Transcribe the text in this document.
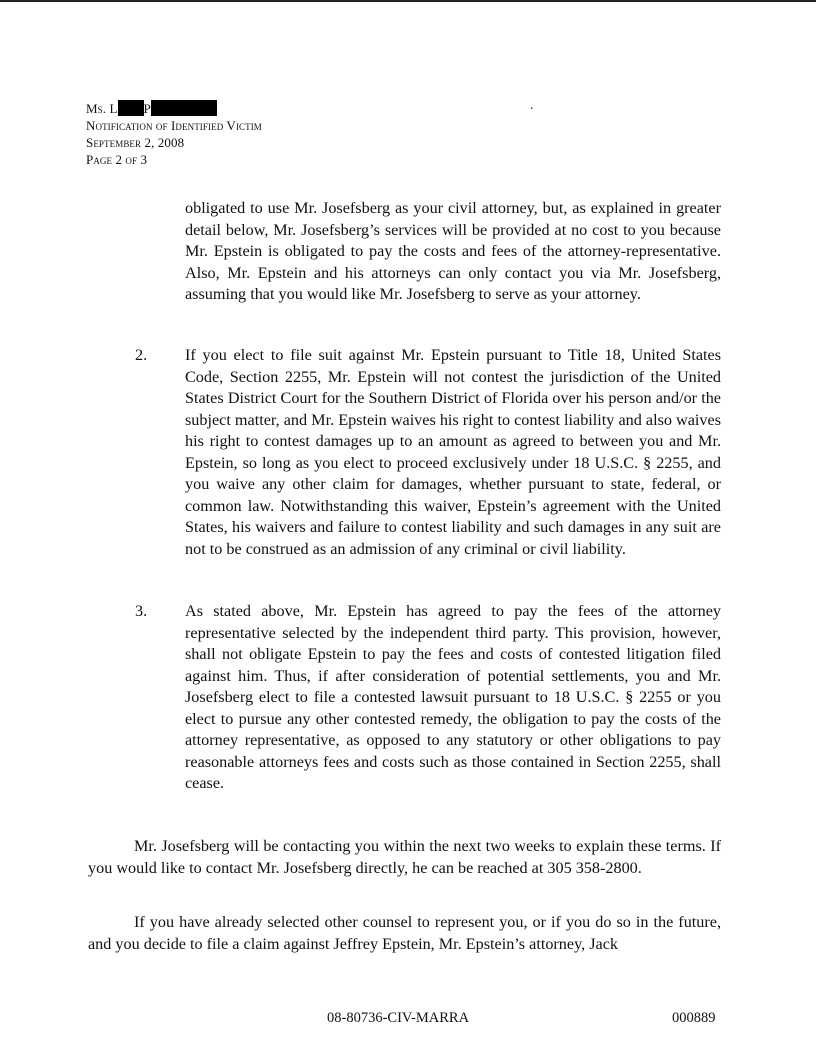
Ms. L P
Notification of Identified Victim
September 2, 2008
Page 2 of 3
.
obligated to use Mr. Josefsberg as your civil attorney, but, as explained in greater detail below, Mr. Josefsberg’s services will be provided at no cost to you because Mr. Epstein is obligated to pay the costs and fees of the attorney-representative. Also, Mr. Epstein and his attorneys can only contact you via Mr. Josefsberg, assuming that you would like Mr. Josefsberg to serve as your attorney.
2. If you elect to file suit against Mr. Epstein pursuant to Title 18, United States Code, Section 2255, Mr. Epstein will not contest the jurisdiction of the United States District Court for the Southern District of Florida over his person and/or the subject matter, and Mr. Epstein waives his right to contest liability and also waives his right to contest damages up to an amount as agreed to between you and Mr. Epstein, so long as you elect to proceed exclusively under 18 U.S.C. § 2255, and you waive any other claim for damages, whether pursuant to state, federal, or common law. Notwithstanding this waiver, Epstein’s agreement with the United States, his waivers and failure to contest liability and such damages in any suit are not to be construed as an admission of any criminal or civil liability.
3. As stated above, Mr. Epstein has agreed to pay the fees of the attorney representative selected by the independent third party. This provision, however, shall not obligate Epstein to pay the fees and costs of contested litigation filed against him. Thus, if after consideration of potential settlements, you and Mr. Josefsberg elect to file a contested lawsuit pursuant to 18 U.S.C. § 2255 or you elect to pursue any other contested remedy, the obligation to pay the costs of the attorney representative, as opposed to any statutory or other obligations to pay reasonable attorneys fees and costs such as those contained in Section 2255, shall cease.
Mr. Josefsberg will be contacting you within the next two weeks to explain these terms. If you would like to contact Mr. Josefsberg directly, he can be reached at 305 358-2800.
If you have already selected other counsel to represent you, or if you do so in the future, and you decide to file a claim against Jeffrey Epstein, Mr. Epstein’s attorney, Jack
08-80736-CIV-MARRA	000889
